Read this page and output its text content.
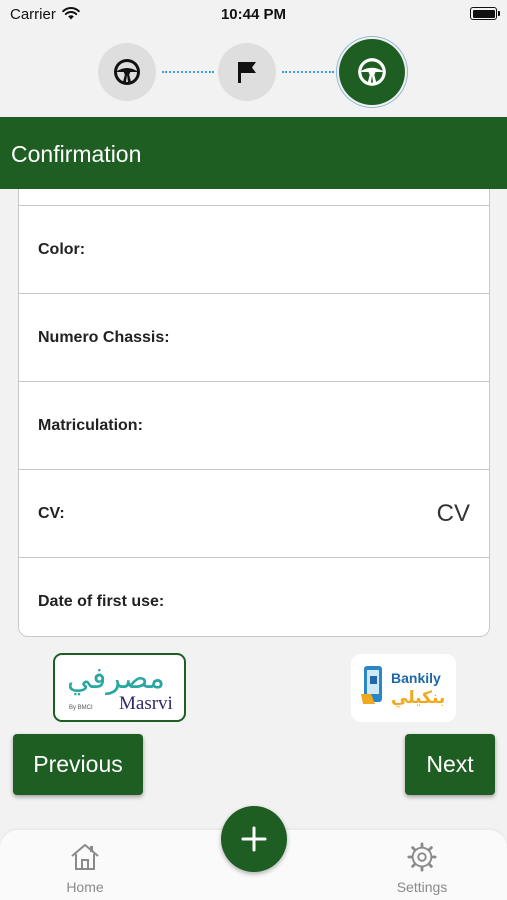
Carrier	10:44 PM
Confirmation
Color:
Numero Chassis:
Matriculation:
CV:	CV
Date of first use:
مصرفي
By BMCI Masrvi
Bankily
بنكيلي
Previous	Next
Home	Settings
